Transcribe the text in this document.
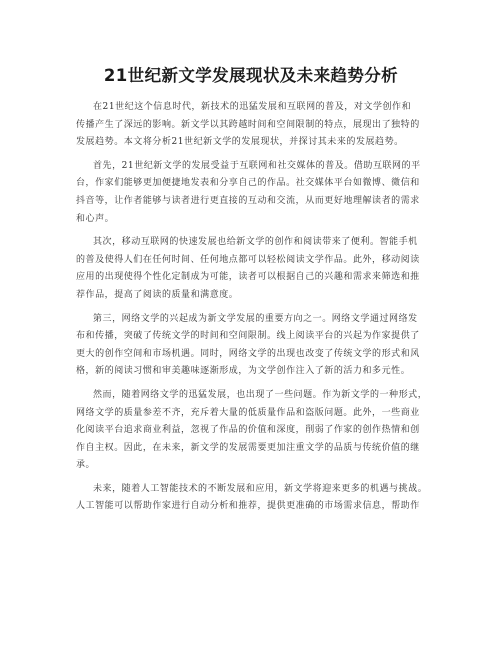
21世纪新文学发展现状及未来趋势分析
在21世纪这个信息时代，新技术的迅猛发展和互联网的普及，对文学创作和
传播产生了深远的影响。新文学以其跨越时间和空间限制的特点，展现出了独特的
发展趋势。本文将分析21世纪新文学的发展现状，并探讨其未来的发展趋势。
首先，21世纪新文学的发展受益于互联网和社交媒体的普及。借助互联网的平
台，作家们能够更加便捷地发表和分享自己的作品。社交媒体平台如微博、微信和
抖音等，让作者能够与读者进行更直接的互动和交流，从而更好地理解读者的需求
和心声。
其次，移动互联网的快速发展也给新文学的创作和阅读带来了便利。智能手机
的普及使得人们在任何时间、任何地点都可以轻松阅读文学作品。此外，移动阅读
应用的出现使得个性化定制成为可能，读者可以根据自己的兴趣和需求来筛选和推
荐作品，提高了阅读的质量和满意度。
第三，网络文学的兴起成为新文学发展的重要方向之一。网络文学通过网络发
布和传播，突破了传统文学的时间和空间限制。线上阅读平台的兴起为作家提供了
更大的创作空间和市场机遇。同时，网络文学的出现也改变了传统文学的形式和风
格，新的阅读习惯和审美趣味逐渐形成，为文学创作注入了新的活力和多元性。
然而，随着网络文学的迅猛发展，也出现了一些问题。作为新文学的一种形式，
网络文学的质量参差不齐，充斥着大量的低质量作品和盗版问题。此外，一些商业
化阅读平台追求商业利益，忽视了作品的价值和深度，削弱了作家的创作热情和创
作自主权。因此，在未来，新文学的发展需要更加注重文学的品质与传统价值的继
承。
未来，随着人工智能技术的不断发展和应用，新文学将迎来更多的机遇与挑战。
人工智能可以帮助作家进行自动分析和推荐，提供更准确的市场需求信息，帮助作
